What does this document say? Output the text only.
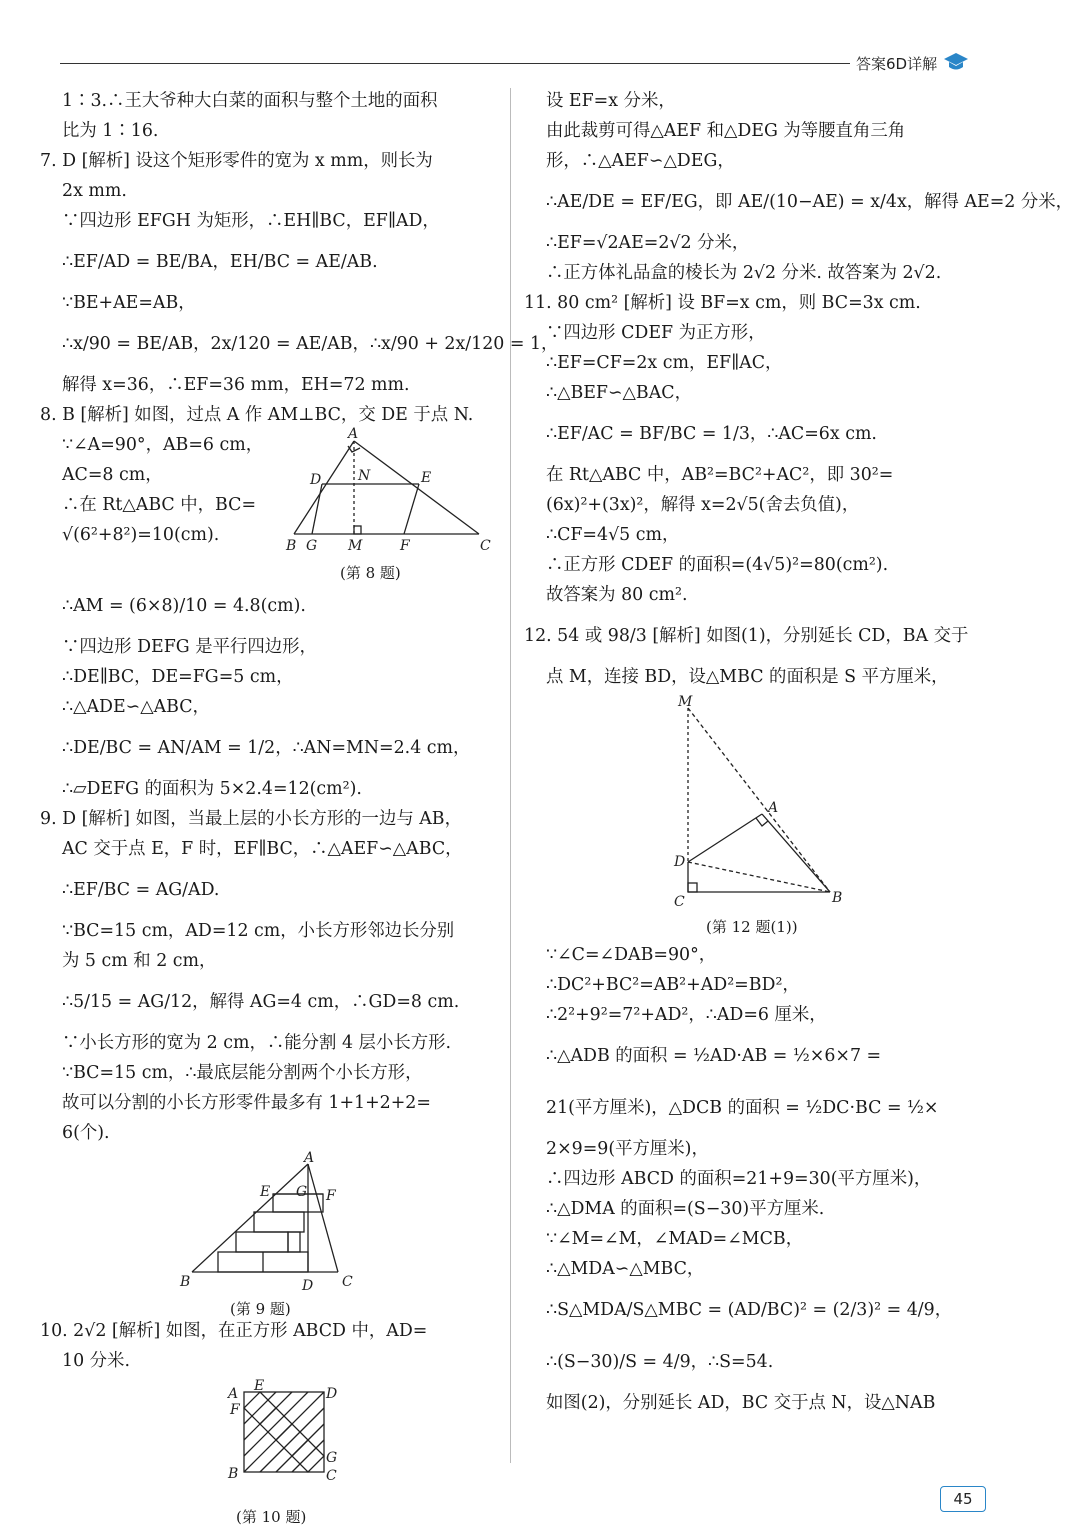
答案6D详解
1∶3.∴王大爷种大白菜的面积与整个土地的面积
比为 1∶16.
7. D [解析] 设这个矩形零件的宽为 x mm，则长为
2x mm.
∵四边形 EFGH 为矩形，∴EH∥BC，EF∥AD，
∴EF/AD = BE/BA，EH/BC = AE/AB.
∵BE+AE=AB，
∴x/90 = BE/AB，2x/120 = AE/AB，∴x/90 + 2x/120 = 1，
解得 x=36，∴EF=36 mm，EH=72 mm.
8. B [解析] 如图，过点 A 作 AM⊥BC，交 DE 于点 N.
∵∠A=90°，AB=6 cm，
AC=8 cm，
∴在 Rt△ABC 中，BC=
√(6²+8²)=10(cm).
A
D	N	E
B G M	F	C
(第 8 题)
∴AM = (6×8)/10 = 4.8(cm).
∵四边形 DEFG 是平行四边形，
∴DE∥BC，DE=FG=5 cm，
∴△ADE∽△ABC，
∴DE/BC = AN/AM = 1/2，∴AN=MN=2.4 cm，
∴▱DEFG 的面积为 5×2.4=12(cm²).
9. D [解析] 如图，当最上层的小长方形的一边与 AB，
AC 交于点 E，F 时，EF∥BC，∴△AEF∽△ABC，
∴EF/BC = AG/AD.
∵BC=15 cm，AD=12 cm，小长方形邻边长分别
为 5 cm 和 2 cm，
∴5/15 = AG/12，解得 AG=4 cm，∴GD=8 cm.
∵小长方形的宽为 2 cm，∴能分割 4 层小长方形.
∵BC=15 cm，∴最底层能分割两个小长方形，
故可以分割的小长方形零件最多有 1+1+2+2=
6(个).
A
E G F
B	D C
(第 9 题)
10. 2√2 [解析] 如图，在正方形 ABCD 中，AD=
10 分米.
A E	D
F
G
B	C
(第 10 题)
设 EF=x 分米，
由此裁剪可得△AEF 和△DEG 为等腰直角三角
形，∴△AEF∽△DEG，
∴AE/DE = EF/EG，即 AE/(10−AE) = x/4x，解得 AE=2 分米，
∴EF=√2AE=2√2 分米，
∴正方体礼品盒的棱长为 2√2 分米. 故答案为 2√2.
11. 80 cm² [解析] 设 BF=x cm，则 BC=3x cm.
∵四边形 CDEF 为正方形，
∴EF=CF=2x cm，EF∥AC，
∴△BEF∽△BAC，
∴EF/AC = BF/BC = 1/3，∴AC=6x cm.
在 Rt△ABC 中，AB²=BC²+AC²，即 30²=
(6x)²+(3x)²，解得 x=2√5(舍去负值)，
∴CF=4√5 cm，
∴正方形 CDEF 的面积=(4√5)²=80(cm²).
故答案为 80 cm².
12. 54 或 98/3 [解析] 如图(1)，分别延长 CD，BA 交于
点 M，连接 BD，设△MBC 的面积是 S 平方厘米，
M
A
D
C	B
(第 12 题(1))
∵∠C=∠DAB=90°，
∴DC²+BC²=AB²+AD²=BD²，
∴2²+9²=7²+AD²，∴AD=6 厘米，
∴△ADB 的面积 = ½AD·AB = ½×6×7 =
21(平方厘米)，△DCB 的面积 = ½DC·BC = ½×
2×9=9(平方厘米)，
∴四边形 ABCD 的面积=21+9=30(平方厘米)，
∴△DMA 的面积=(S−30)平方厘米.
∵∠M=∠M，∠MAD=∠MCB，
∴△MDA∽△MBC，
∴S△MDA/S△MBC = (AD/BC)² = (2/3)² = 4/9，
∴(S−30)/S = 4/9，∴S=54.
如图(2)，分别延长 AD，BC 交于点 N，设△NAB
45
